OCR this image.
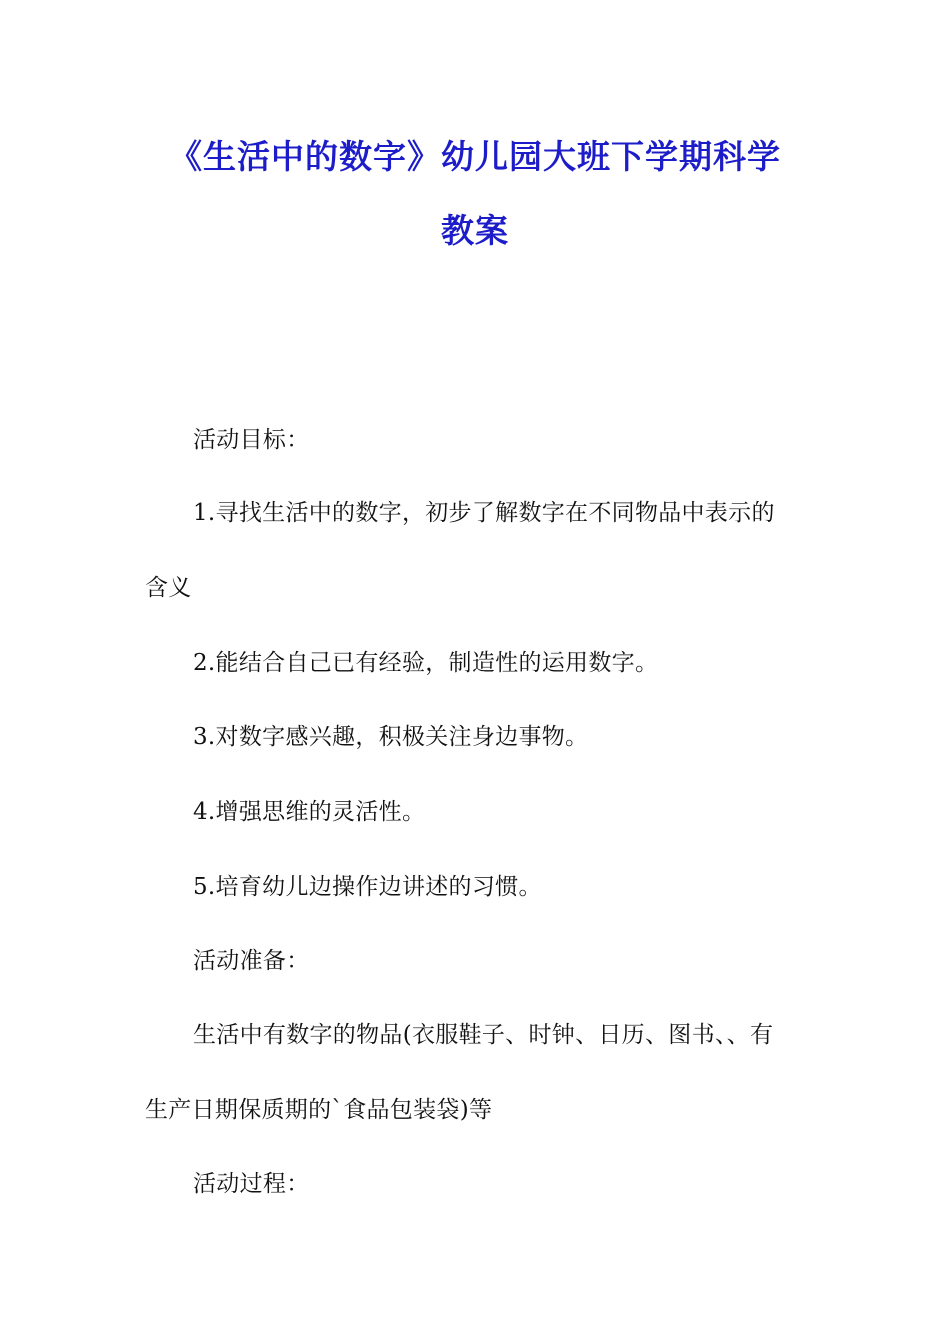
《生活中的数字》幼儿园大班下学期科学
教案
活动目标：
1.寻找生活中的数字，初步了解数字在不同物品中表示的
含义
2.能结合自己已有经验，制造性的运用数字。
3.对数字感兴趣，积极关注身边事物。
4.增强思维的灵活性。
5.培育幼儿边操作边讲述的习惯。
活动准备：
生活中有数字的物品(衣服鞋子、时钟、日历、图书、、有
生产日期保质期的`食品包装袋)等
活动过程：
